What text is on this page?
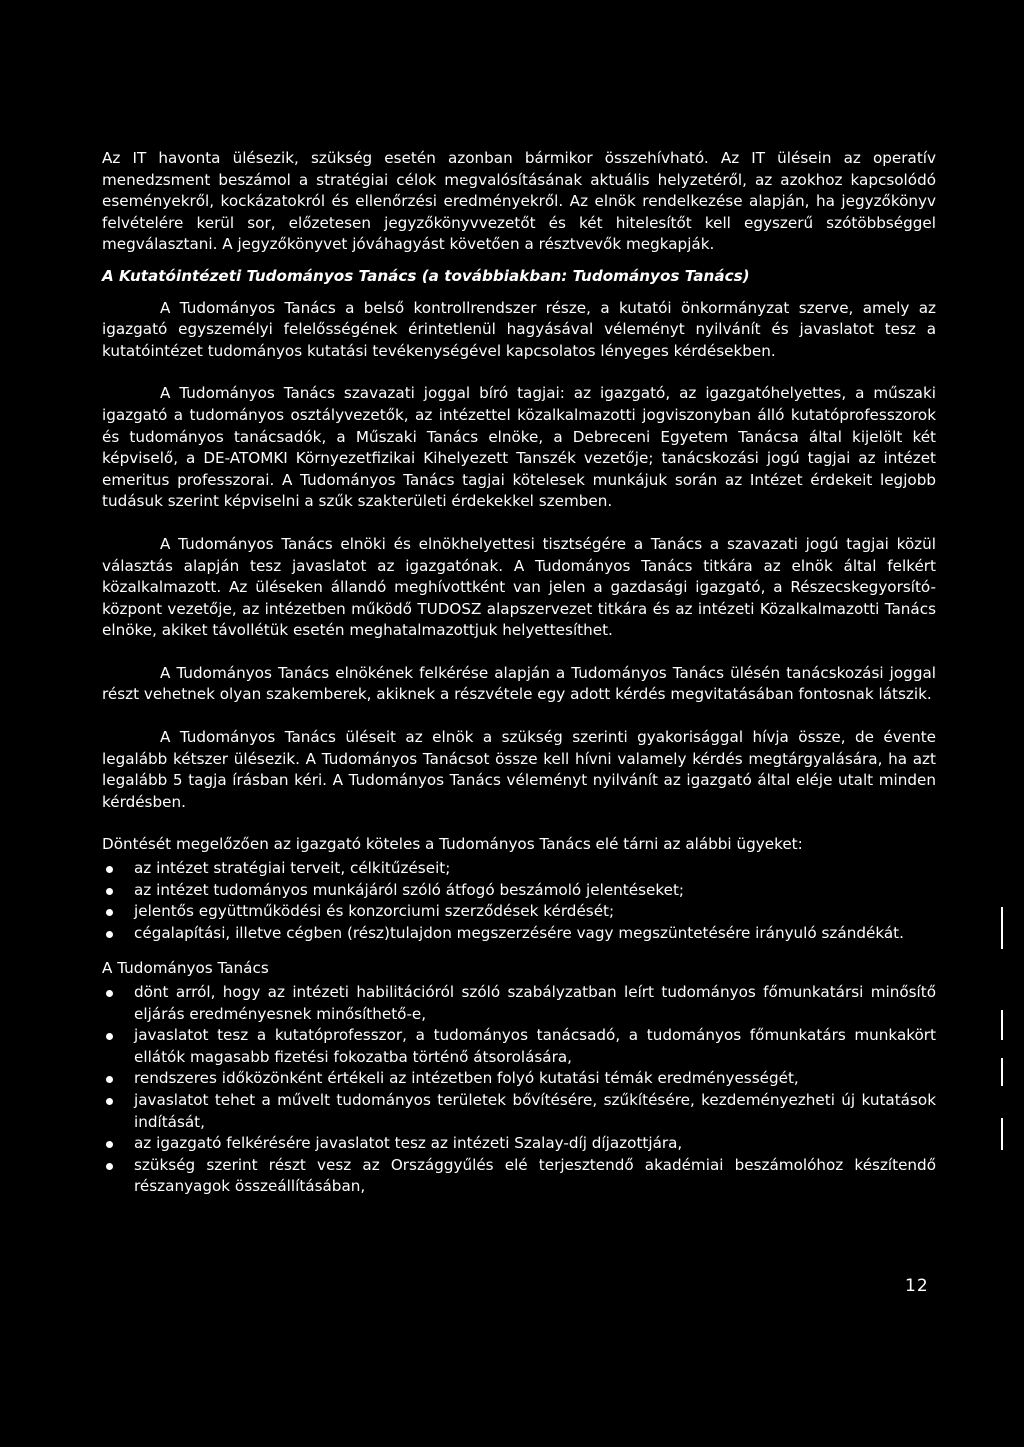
Az IT havonta ülésezik, szükség esetén azonban bármikor összehívható. Az IT ülésein az operatív menedzsment beszámol a stratégiai célok megvalósításának aktuális helyzetéről, az azokhoz kapcsolódó eseményekről, kockázatokról és ellenőrzési eredményekről. Az elnök rendelkezése alapján, ha jegyzőkönyv felvételére kerül sor, előzetesen jegyzőkönyvvezetőt és két hitelesítőt kell egyszerű szótöbbséggel megválasztani. A jegyzőkönyvet jóváhagyást követően a résztvevők megkapják.

A Kutatóintézeti Tudományos Tanács (a továbbiakban: Tudományos Tanács)

A Tudományos Tanács a belső kontrollrendszer része, a kutatói önkormányzat szerve, amely az igazgató egyszemélyi felelősségének érintetlenül hagyásával véleményt nyilvánít és javaslatot tesz a kutatóintézet tudományos kutatási tevékenységével kapcsolatos lényeges kérdésekben.

A Tudományos Tanács szavazati joggal bíró tagjai: az igazgató, az igazgatóhelyettes, a műszaki igazgató a tudományos osztályvezetők, az intézettel közalkalmazotti jogviszonyban álló kutatóprofesszorok és tudományos tanácsadók, a Műszaki Tanács elnöke, a Debreceni Egyetem Tanácsa által kijelölt két képviselő, a DE-ATOMKI Környezetfizikai Kihelyezett Tanszék vezetője; tanácskozási jogú tagjai az intézet emeritus professzorai. A Tudományos Tanács tagjai kötelesek munkájuk során az Intézet érdekeit legjobb tudásuk szerint képviselni a szűk szakterületi érdekekkel szemben.

A Tudományos Tanács elnöki és elnökhelyettesi tisztségére a Tanács a szavazati jogú tagjai közül választás alapján tesz javaslatot az igazgatónak. A Tudományos Tanács titkára az elnök által felkért közalkalmazott. Az üléseken állandó meghívottként van jelen a gazdasági igazgató, a Részecskegyorsító-központ vezetője, az intézetben működő TUDOSZ alapszervezet titkára és az intézeti Közalkalmazotti Tanács elnöke, akiket távollétük esetén meghatalmazottjuk helyettesíthet.

A Tudományos Tanács elnökének felkérése alapján a Tudományos Tanács ülésén tanácskozási joggal részt vehetnek olyan szakemberek, akiknek a részvétele egy adott kérdés megvitatásában fontosnak látszik.

A Tudományos Tanács üléseit az elnök a szükség szerinti gyakorisággal hívja össze, de évente legalább kétszer ülésezik. A Tudományos Tanácsot össze kell hívni valamely kérdés megtárgyalására, ha azt legalább 5 tagja írásban kéri. A Tudományos Tanács véleményt nyilvánít az igazgató által eléje utalt minden kérdésben.

Döntését megelőzően az igazgató köteles a Tudományos Tanács elé tárni az alábbi ügyeket:

az intézet stratégiai terveit, célkitűzéseit;
az intézet tudományos munkájáról szóló átfogó beszámoló jelentéseket;
jelentős együttműködési és konzorciumi szerződések kérdését;
cégalapítási, illetve cégben (rész)tulajdon megszerzésére vagy megszüntetésére irányuló szándékát.

A Tudományos Tanács

dönt arról, hogy az intézeti habilitációról szóló szabályzatban leírt tudományos főmunkatársi minősítő eljárás eredményesnek minősíthető-e,
javaslatot tesz a kutatóprofesszor, a tudományos tanácsadó, a tudományos főmunkatárs munkakört ellátók magasabb fizetési fokozatba történő átsorolására,
rendszeres időközönként értékeli az intézetben folyó kutatási témák eredményességét,
javaslatot tehet a művelt tudományos területek bővítésére, szűkítésére, kezdeményezheti új kutatások indítását,
az igazgató felkérésére javaslatot tesz az intézeti Szalay-díj díjazottjára,
szükség szerint részt vesz az Országgyűlés elé terjesztendő akadémiai beszámolóhoz készítendő részanyagok összeállításában,
12
